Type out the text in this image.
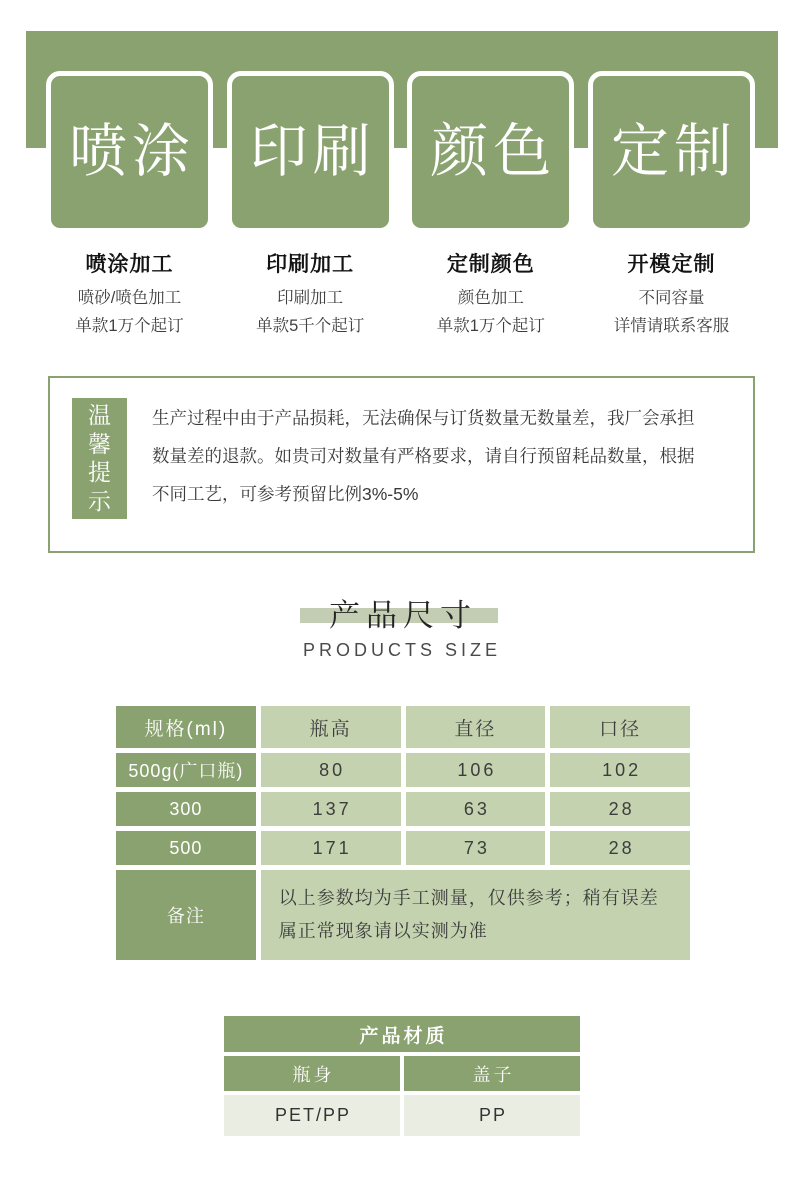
喷涂 印刷 颜色 定制
喷涂加工
喷砂/喷色加工
单款1万个起订
印刷加工
印刷加工
单款5千个起订
定制颜色
颜色加工
单款1万个起订
开模定制
不同容量
详情请联系客服
温
馨
提
示
生产过程中由于产品损耗，无法确保与订货数量无数量差，我厂会承担
数量差的退款。如贵司对数量有严格要求，请自行预留耗品数量，根据
不同工艺，可参考预留比例3%-5%
产品尺寸
PRODUCTS SIZE
规格(ml)	瓶高	直径	口径
500g(广口瓶)	80	106	102
300	137	63	28
500	171	73	28
备注
以上参数均为手工测量，仅供参考；稍有误差
属正常现象请以实测为准
产品材质
瓶身	盖子
PET/PP	PP
